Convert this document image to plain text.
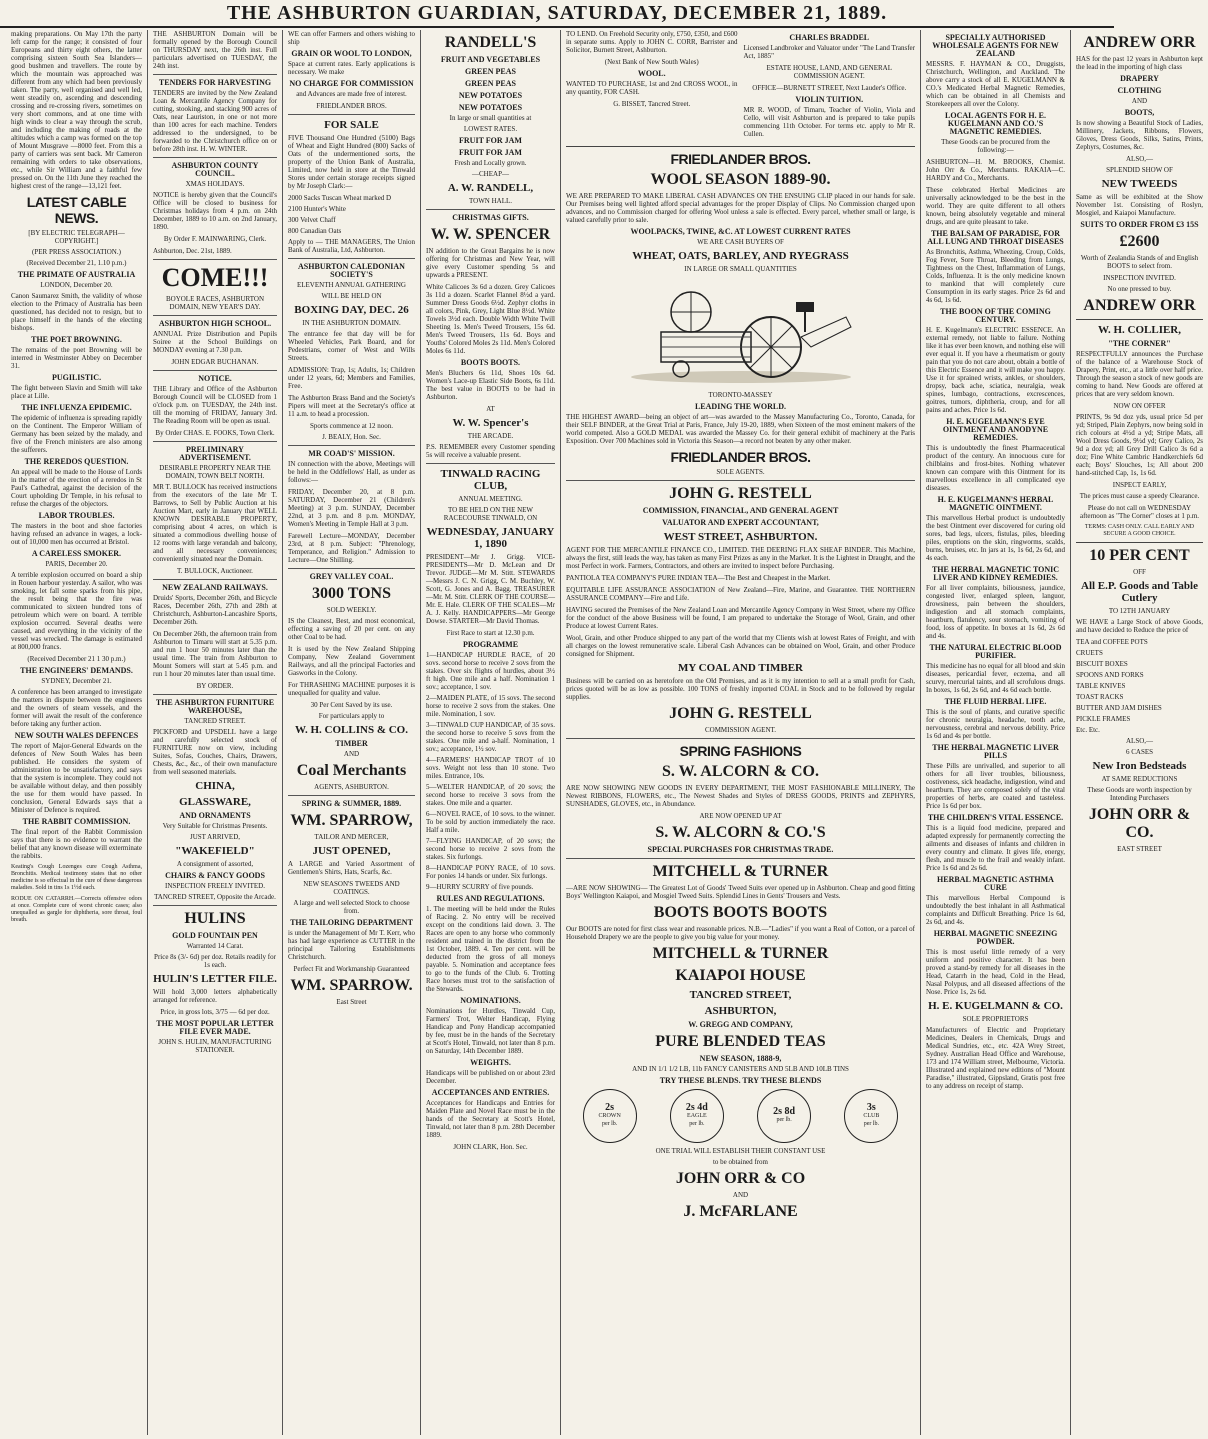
THE ASHBURTON GUARDIAN, SATURDAY, DECEMBER 21, 1889.

making preparations. On May 17th the party left camp for the range; it consisted of four Europeans and thirty eight others, the latter comprising sixteen South Sea Islanders—good bushmen and travellers. The route by which the mountain was approached was different from any which had been previously taken. The party, well organised and well led, went steadily on, ascending and descending crossing and re-crossing rivers, sometimes on very short commons, and at one time with high winds to clear a way through the scrub, and including the making of roads at the altitudes which a camp was formed on the top of Mount Musgrave —8000 feet. From this a party of carriers was sent back. Mr Cameron remaining with orders to take observations, etc., while Sir William and a faithful few pressed on. On the 11th June they reached the highest crest of the range—13,121 feet.

LATEST CABLE NEWS.
[BY ELECTRIC TELEGRAPH—COPYRIGHT.]
(PER PRESS ASSOCIATION.)
(Received December 21, 1.10 p.m.)
THE PRIMATE OF AUSTRALIA
LONDON, December 20.

Canon Saumarez Smith, the validity of whose election to the Primacy of Australia has been questioned, has decided not to resign, but to place himself in the hands of the electing bishops.

THE POET BROWNING.

The remains of the poet Browning will be interred in Westminster Abbey on December 31.

PUGILISTIC.

The fight between Slavin and Smith will take place at Lille.

THE INFLUENZA EPIDEMIC.

The epidemic of influenza is spreading rapidly on the Continent. The Emperor William of Germany has been seized by the malady, and five of the French ministers are also among the sufferers.

THE REREDOS QUESTION.

An appeal will be made to the House of Lords in the matter of the erection of a reredos in St Paul's Cathedral, against the decision of the Court upholding Dr Temple, in his refusal to refuse the charges of the objectors.

LABOR TROUBLES.

The masters in the boot and shoe factories having refused an advance in wages, a lock-out of 10,000 men has occurred at Bristol.

A CARELESS SMOKER.
PARIS, December 20.

A terrible explosion occurred on board a ship in Rouen harbour yesterday. A sailor, who was smoking, let fall some sparks from his pipe, the result being that the fire was communicated to sixteen hundred tons of petroleum which were on board. A terrible explosion occurred. Several deaths were caused, and everything in the vicinity of the vessel was wrecked. The damage is estimated at 800,000 francs.

(Received December 21 1 30 p.m.)
THE ENGINEERS' DEMANDS.
SYDNEY, December 21.

A conference has been arranged to investigate the matters in dispute between the engineers and the owners of steam vessels, and the former will await the result of the conference before taking any further action.

NEW SOUTH WALES DEFENCES

The report of Major-General Edwards on the defences of New South Wales has been published. He considers the system of administration to be unsatisfactory, and says that the system is incomplete. They could not be available without delay, and then possibly the use for them would have passed. In conclusion, General Edwards says that a Minister of Defence is required.

THE RABBIT COMMISSION.

The final report of the Rabbit Commission says that there is no evidence to warrant the belief that any known disease will exterminate the rabbits.

Keating's Cough Lozenges cure Cough Asthma, Bronchitis. Medical testimony states that no other medicine is so effectual in the cure of these dangerous maladies. Sold in tins 1s 1½d each.

RODUE ON CATARRH.—Corrects offensive odors at once. Complete cure of worst chronic cases; also unequalled as gargle for diphtheria, sore throat, foul breath.

THE ASHBURTON Domain will be formally opened by the Borough Council on THURSDAY next, the 26th inst. Full particulars advertised on TUESDAY, the 24th inst.

TENDERS FOR HARVESTING

TENDERS are invited by the New Zealand Loan & Mercantile Agency Company for cutting, stooking, and stacking 900 acres of Oats, near Lauriston, in one or not more than 100 acres for each machine. Tenders addressed to the undersigned, to be forwarded to the Christchurch office on or before 28th inst. H. W. WINTER.

ASHBURTON COUNTY COUNCIL.
XMAS HOLIDAYS.

NOTICE is hereby given that the Council's Office will be closed to business for Christmas holidays from 4 p.m. on 24th December, 1889 to 10 a.m. on 2nd January, 1890.

By Order F. MAINWARING, Clerk.

Ashburton, Dec. 21st, 1889.

COME!!!

BOYOLE RACES, ASHBURTON DOMAIN, NEW YEAR'S DAY.

ASHBURTON HIGH SCHOOL.

ANNUAL Prize Distribution and Pupils Soiree at the School Buildings on MONDAY evening at 7.30 p.m.

JOHN EDGAR BUCHANAN.

NOTICE.

THE Library and Office of the Ashburton Borough Council will be CLOSED from 1 o'clock p.m. on TUESDAY, the 24th inst. till the morning of FRIDAY, January 3rd. The Reading Room will be open as usual.

By Order CHAS. E. FOOKS, Town Clerk.

PRELIMINARY ADVERTISEMENT.
DESIRABLE PROPERTY NEAR THE DOMAIN, TOWN BELT NORTH.

MR T. BULLOCK has received instructions from the executors of the late Mr T. Barrows, to Sell by Public Auction at his Auction Mart, early in January that WELL KNOWN DESIRABLE PROPERTY, comprising about 4 acres, on which is situated a commodious dwelling house of 12 rooms with large verandah and balcony, and all necessary conveniences; conveniently situated near the Domain.

T. BULLOCK, Auctioneer.

NEW ZEALAND RAILWAYS.

Druids' Sports, December 26th, and Bicycle Races, December 26th, 27th and 28th at Christchurch, Ashburton-Lancashire Sports, December 26th.

On December 26th, the afternoon train from Ashburton to Timaru will start at 5.35 p.m. and run 1 hour 50 minutes later than the usual time. The train from Ashburton to Mount Somers will start at 5.45 p.m. and run 1 hour 20 minutes later than usual time.

BY ORDER.

THE ASHBURTON FURNITURE WAREHOUSE,
TANCRED STREET.

PICKFORD and UPSDELL have a large and carefully selected stock of FURNITURE now on view, including Suites, Sofas, Couches, Chairs, Drawers, Chests, &c., &c., of their own manufacture from well seasoned materials.

CHINA,
GLASSWARE,
AND ORNAMENTS
Very Suitable for Christmas Presents.
JUST ARRIVED,
"WAKEFIELD"
A consignment of assorted,
CHAIRS & FANCY GOODS
INSPECTION FREELY INVITED.

TANCRED STREET, Opposite the Arcade.

HULINS
GOLD FOUNTAIN PEN
Warranted 14 Carat.

Price 8s (3/- 6d) per doz. Retails readily for 1s each.

HULIN'S LETTER FILE.

Will hold 3,000 letters alphabetically arranged for reference.

Price, in gross lots, 3/75 — 6d per doz.

THE MOST POPULAR LETTER FILE EVER MADE.

JOHN S. HULIN, MANUFACTURING STATIONER.

WE can offer Farmers and others wishing to ship

GRAIN OR WOOL TO LONDON,

Space at current rates. Early applications is necessary. We make

NO CHARGE FOR COMMISSION

and Advances are made free of interest.

FRIEDLANDER BROS.
FOR SALE

FIVE Thousand One Hundred (5100) Bags of Wheat and Eight Hundred (800) Sacks of Oats of the undermentioned sorts, the property of the Union Bank of Australia, Limited, now held in store at the Tinwald Stores under certain storage receipts signed by Mr Joseph Clark:—

2000 Sacks Tuscan Wheat marked D
2100 Hunter's White
300 Velvet Chaff
800 Canadian Oats

Apply to — THE MANAGERS, The Union Bank of Australia, Ltd, Ashburton.

ASHBURTON CALEDONIAN SOCIETY'S
ELEVENTH ANNUAL GATHERING
WILL BE HELD ON
BOXING DAY, DEC. 26
IN THE ASHBURTON DOMAIN.

The entrance fee that day will be for Wheeled Vehicles, Park Board, and for Pedestrians, corner of West and Wills Streets.

ADMISSION: Trap, 1s; Adults, 1s; Children under 12 years, 6d; Members and Families, Free.

The Ashburton Brass Band and the Society's Pipers will meet at the Secretary's office at 11 a.m. to head a procession.

Sports commence at 12 noon.

J. BEALY, Hon. Sec.

MR COAD'S' MISSION.

IN connection with the above, Meetings will be held in the Oddfellows' Hall, as under as follows:—

FRIDAY, December 20, at 8 p.m. SATURDAY, December 21 (Children's Meeting) at 3 p.m. SUNDAY, December 22nd, at 3 p.m. and 8 p.m. MONDAY, Women's Meeting in Temple Hall at 3 p.m.

Farewell Lecture—MONDAY, December 23rd, at 8 p.m. Subject: "Phrenology, Temperance, and Religion." Admission to Lecture—One Shilling.

GREY VALLEY COAL.
3000 TONS
SOLD WEEKLY.

IS the Cleanest, Best, and most economical, effecting a saving of 20 per cent. on any other Coal to be had.

It is used by the New Zealand Shipping Company, New Zealand Government Railways, and all the principal Factories and Gasworks in the Colony.

For THRASHING MACHINE purposes it is unequalled for quality and value.

30 Per Cent Saved by its use.
For particulars apply to
W. H. COLLINS & CO.
TIMBER
AND
Coal Merchants
AGENTS, ASHBURTON.
SPRING & SUMMER, 1889.
WM. SPARROW,
TAILOR AND MERCER,
JUST OPENED,

A LARGE and Varied Assortment of Gentlemen's Shirts, Hats, Scarfs, &c.

NEW SEASON'S TWEEDS AND COATINGS.

A large and well selected Stock to choose from.

THE TAILORING DEPARTMENT

is under the Management of Mr T. Kerr, who has had large experience as CUTTER in the principal Tailoring Establishments Christchurch.

Perfect Fit and Workmanship Guaranteed
WM. SPARROW.
East Street
RANDELL'S
FRUIT AND VEGETABLES
GREEN PEAS
GREEN PEAS
NEW POTATOES
NEW POTATOES
In large or small quantities at
LOWEST RATES.
FRUIT FOR JAM
FRUIT FOR JAM
Fresh and Locally grown.
—CHEAP—
A. W. RANDELL,
TOWN HALL.
CHRISTMAS GIFTS.
W. W. SPENCER

IN addition to the Great Bargains he is now offering for Christmas and New Year, will give every Customer spending 5s and upwards a PRESENT.

White Calicoes 3s 6d a dozen. Grey Calicoes 3s 11d a dozen. Scarlet Flannel 8½d a yard. Summer Dress Goods 6½d. Zephyr cloths in all colors, Pink, Grey, Light Blue 8½d. White Towels 3½d each. Double Width White Twill Sheeting 1s. Men's Tweed Trousers, 15s 6d. Men's Tweed Trousers, 11s 6d. Boys and Youths' Colored Moles 2s 11d. Men's Colored Moles 6s 11d.

BOOTS BOOTS.

Men's Bluchers 6s 11d, Shoes 10s 6d. Women's Lace-up Elastic Side Boots, 6s 11d. The best value in BOOTS to be had in Ashburton.

AT
W. W. Spencer's
THE ARCADE.

P.S. REMEMBER every Customer spending 5s will receive a valuable present.

TINWALD RACING CLUB,
ANNUAL MEETING.
TO BE HELD ON THE NEW RACECOURSE TINWALD, ON
WEDNESDAY, JANUARY 1, 1890

PRESIDENT—Mr J. Grigg. VICE-PRESIDENTS—Mr D. McLean and Dr Trevor. JUDGE—Mr M. Stitt. STEWARDS—Messrs J. C. N. Grigg, C. M. Buchley, W. Scott, G. Jones and A. Bagg. TREASURER—Mr. M. Stitt. CLERK OF THE COURSE—Mr. E. Hale. CLERK OF THE SCALES—Mr A. J. Kelly. HANDICAPPERS—Mr George Dowse. STARTER—Mr David Thomas.

First Race to start at 12.30 p.m.
PROGRAMME
1—HANDICAP HURDLE RACE, of 20 sovs. second horse to receive 2 sovs from the stakes. Over six flights of hurdles, about 3½ ft high. One mile and a half. Nomination 1 sov.; acceptance, 1 sov.
2—MAIDEN PLATE, of 15 sovs. The second horse to receive 2 sovs from the stakes. One mile. Nomination, 1 sov.
3—TINWALD CUP HANDICAP, of 35 sovs. the second horse to receive 5 sovs from the stakes. One mile and a-half. Nomination, 1 sov.; acceptance, 1½ sov.
4—FARMERS' HANDICAP TROT of 10 sovs. Weight not less than 10 stone. Two miles. Entrance, 10s.
5—WELTER HANDICAP, of 20 sovs; the second horse to receive 3 sovs from the stakes. One mile and a quarter.
6—NOVEL RACE, of 10 sovs. to the winner. To be sold by auction immediately the race. Half a mile.
7—FLYING HANDICAP, of 20 sovs; the second horse to receive 2 sovs from the stakes. Six furlongs.
8—HANDICAP PONY RACE, of 10 sovs. For ponies 14 hands or under. Six furlongs.
9—HURRY SCURRY of five pounds.
RULES AND REGULATIONS.

1. The meeting will be held under the Rules of Racing. 2. No entry will be received except on the conditions laid down. 3. The Races are open to any horse who commonly resident and trained in the district from the 1st October, 1889. 4. Ten per cent. will be deducted from the gross of all moneys payable. 5. Nomination and acceptance fees to go to the funds of the Club. 6. Trotting Race horses must trot to the satisfaction of the Stewards.

NOMINATIONS.

Nominations for Hurdles, Tinwald Cup, Farmers' Trot, Welter Handicap, Flying Handicap and Pony Handicap accompanied by fee, must be in the hands of the Secretary at Scott's Hotel, Tinwald, not later than 8 p.m. on Saturday, 14th December 1889.

WEIGHTS.

Handicaps will be published on or about 23rd December.

ACCEPTANCES AND ENTRIES.

Acceptances for Handicaps and Entries for Maiden Plate and Novel Race must be in the hands of the Secretary at Scott's Hotel, Tinwald, not later than 8 p.m. 28th December 1889.

JOHN CLARK, Hon. Sec.

TO LEND. On Freehold Security only, £750, £350, and £600 in separate sums. Apply to JOHN C. CORR, Barrister and Solicitor, Burnett Street, Ashburton.

(Next Bank of New South Wales)

WOOL.

WANTED TO PURCHASE, 1st and 2nd CROSS WOOL, in any quantity, FOR CASH.

G. BISSET, Tancred Street.

CHARLES BRADDEL

Licensed Landbroker and Valuator under "The Land Transfer Act, 1885"

ESTATE HOUSE, LAND, AND GENERAL COMMISSION AGENT.

OFFICE—BURNETT STREET, Next Lauder's Office.

VIOLIN TUITION.

MR R. WOOD, of Timaru, Teacher of Violin, Viola and Cello, will visit Ashburton and is prepared to take pupils commencing 11th October. For terms etc. apply to Mr R. Cullen.

FRIEDLANDER BROS.
WOOL SEASON 1889-90.

WE ARE PREPARED TO MAKE LIBERAL CASH ADVANCES ON THE ENSUING CLIP placed in our hands for sale. Our Premises being well lighted afford special advantages for the proper Display of Clips. No Commission charged upon advances, and no Commission charged for offering Wool unless a sale is effected. Every parcel, whether small or large, is valued carefully prior to sale.

WOOLPACKS, TWINE, &C. AT LOWEST CURRENT RATES
WE ARE CASH BUYERS OF
WHEAT, OATS, BARLEY, AND RYEGRASS
IN LARGE OR SMALL QUANTITIES
TORONTO-MASSEY
LEADING THE WORLD.

THE HIGHEST AWARD—being an object of art—was awarded to the Massey Manufacturing Co., Toronto, Canada, for their SELF BINDER, at the Great Trial at Paris, France, July 19-20, 1889, when Sixteen of the most eminent makers of the world competed. Also a GOLD MEDAL was awarded the Massey Co. for their general exhibit of machinery at the Paris Exposition. Over 700 Machines sold in Victoria this Season—a record not beaten by any other maker.

FRIEDLANDER BROS.
SOLE AGENTS.
JOHN G. RESTELL
COMMISSION, FINANCIAL, AND GENERAL AGENT
VALUATOR AND EXPERT ACCOUNTANT,
WEST STREET, ASHBURTON.

AGENT FOR THE MERCANTILE FINANCE CO., LIMITED. THE DEERING FLAX SHEAF BINDER. This Machine, always the first, still leads the way, has taken as many First Prizes as any in the Market. It is the Lightest in Draught, and the most Perfect in work. Farmers, Contractors, and others are invited to inspect before Purchasing.

PANTIOLA TEA COMPANY'S PURE INDIAN TEA—The Best and Cheapest in the Market.

EQUITABLE LIFE ASSURANCE ASSOCIATION of New Zealand—Fire, Marine, and Guarantee. THE NORTHERN ASSURANCE COMPANY—Fire and Life.

HAVING secured the Premises of the New Zealand Loan and Mercantile Agency Company in West Street, where my Office for the conduct of the above Business will be found, I am prepared to undertake the Storage of Wool, Grain, and other Produce at lowest Current Rates.

Wool, Grain, and other Produce shipped to any part of the world that my Clients wish at lowest Rates of Freight, and with all charges on the lowest remunerative scale. Liberal Cash Advances can be obtained on Wool, Grain, and other Produce consigned for Shipment.

MY COAL AND TIMBER

Business will be carried on as heretofore on the Old Premises, and as it is my intention to sell at a small profit for Cash, prices quoted will be as low as possible. 100 TONS of freshly imported COAL in Stock and to be followed by regular supplies.

JOHN G. RESTELL
COMMISSION AGENT.
SPRING FASHIONS
S. W. ALCORN & CO.

ARE NOW SHOWING NEW GOODS IN EVERY DEPARTMENT, THE MOST FASHIONABLE MILLINERY, The Newest RIBBONS, FLOWERS, etc., The Newest Shades and Styles of DRESS GOODS, PRINTS and ZEPHYRS, SUNSHADES, GLOVES, etc., in Abundance.

ARE NOW OPENED UP AT
S. W. ALCORN & CO.'S
SPECIAL PURCHASES FOR CHRISTMAS TRADE.
MITCHELL & TURNER

—ARE NOW SHOWING— The Greatest Lot of Goods' Tweed Suits ever opened up in Ashburton. Cheap and good fitting Boys' Wellington Kaiapoi, and Mosgiel Tweed Suits. Splendid Lines in Gents' Trousers and Vests.

BOOTS BOOTS BOOTS

Our BOOTS are noted for first class wear and reasonable prices. N.B.—"Ladies" if you want a Real of Cotton, or a parcel of Household Drapery we are the people to give you big value for your money.

MITCHELL & TURNER
KAIAPOI HOUSE
TANCRED STREET,
ASHBURTON,
W. GREGG AND COMPANY,
PURE BLENDED TEAS
NEW SEASON, 1888-9,
AND IN 1/1 1/2 LB, 11b FANCY CANISTERS AND 5LB AND 10LB TINS
TRY THESE BLENDS. TRY THESE BLENDS
2s
CROWN
per lb.
2s 4d
EAGLE
per lb.
2s 8d
per lb.
3s
CLUB
per lb.
ONE TRIAL WILL ESTABLISH THEIR CONSTANT USE
to be obtained from
JOHN ORR & CO
AND
J. McFARLANE
SPECIALLY AUTHORISED WHOLESALE AGENTS FOR NEW ZEALAND

MESSRS. F. HAYMAN & CO., Druggists, Christchurch, Wellington, and Auckland. The above carry a stock of all E. KUGELMANN & CO.'s Medicated Herbal Magnetic Remedies, which can be obtained in all Chemists and Storekeepers all over the Colony.

LOCAL AGENTS FOR H. E. KUGELMANN AND CO.'S MAGNETIC REMEDIES.

These Goods can be procured from the following:—

ASHBURTON—H. M. BROOKS, Chemist. John Orr & Co., Merchants. RAKAIA—C. HARDY and Co., Merchants.

These celebrated Herbal Medicines are universally acknowledged to be the best in the world. They are quite different to all others known, being absolutely vegetable and mineral drugs, and are quite pleasant to take.

THE BALSAM OF PARADISE, FOR ALL LUNG AND THROAT DISEASES

As Bronchitis, Asthma, Wheezing, Croup, Colds, Fog Fever, Sore Throat, Bleeding from Lungs, Tightness on the Chest, Inflammation of Lungs, Colds, Influenza. It is the only medicine known to mankind that will completely cure Consumption in its early stages. Price 2s 6d and 4s 6d, 1s 6d.

THE BOON OF THE COMING CENTURY.

H. E. Kugelmann's ELECTRIC ESSENCE. An external remedy, not liable to failure. Nothing like it has ever been known, and nothing else will ever equal it. If you have a rheumatism or gouty pain that you do not care about, obtain a bottle of this Electric Essence and it will make you happy. Use it for sprained wrists, ankles, or shoulders, dropsy, back ache, sciatica, neuralgia, weak spines, lumbago, contractions, excrescences, goitres, tumors, diphtheria, croup, and for all pains and aches. Price 1s 6d.

H. E. KUGELMANN'S EYE OINTMENT AND ANODYNE REMEDIES.

This is undoubtedly the finest Pharmaceutical product of the century. An innocuous cure for chilblains and frost-bites. Nothing whatever known can compare with this Ointment for its marvellous excellence in all complicated eye diseases.

H. E. KUGELMANN'S HERBAL MAGNETIC OINTMENT.

This marvellous Herbal product is undoubtedly the best Ointment ever discovered for curing old sores, bad legs, ulcers, fistulas, piles, bleeding piles, eruptions on the skin, ringworms, scalds, burns, bruises, etc. In jars at 1s, 1s 6d, 2s 6d, and 4s each.

THE HERBAL MAGNETIC TONIC LIVER AND KIDNEY REMEDIES.

For all liver complaints, biliousness, jaundice, congested liver, enlarged spleen, languor, drowsiness, pain between the shoulders, indigestion and all stomach complaints, heartburn, flatulency, sour stomach, vomiting of food, loss of appetite. In boxes at 1s 6d, 2s 6d and 4s.

THE NATURAL ELECTRIC BLOOD PURIFIER.

This medicine has no equal for all blood and skin diseases, pericardial fever, eczema, and all scurvy, mercurial taints, and all scrofulous drugs. In boxes, 1s 6d, 2s 6d, and 4s 6d each bottle.

THE FLUID HERBAL LIFE.

This is the soul of plants, and curative specific for chronic neuralgia, headache, tooth ache, nervousness, cerebral and nervous debility. Price 1s 6d and 4s per bottle.

THE HERBAL MAGNETIC LIVER PILLS

These Pills are unrivalled, and superior to all others for all liver troubles, biliousness, costiveness, sick headache, indigestion, wind and heartburn. They are composed solely of the vital properties of herbs, are coated and tasteless. Price 1s 6d per box.

THE CHILDREN'S VITAL ESSENCE.

This is a liquid food medicine, prepared and adapted expressly for permanently correcting the ailments and diseases of infants and children in every country and climate. It gives life, energy, flesh, and muscle to the frail and weakly infant. Price 1s 6d and 2s 6d.

HERBAL MAGNETIC ASTHMA CURE

This marvellous Herbal Compound is undoubtedly the best inhalant in all Asthmatical complaints and Difficult Breathing. Price 1s 6d, 2s 6d, and 4s.

HERBAL MAGNETIC SNEEZING POWDER.

This is most useful little remedy of a very uniform and positive character. It has been proved a stand-by remedy for all diseases in the Head, Catarrh in the head, Cold in the Head, Nasal Polypus, and all diseased affections of the Nose. Price 1s, 2s 6d.

H. E. KUGELMANN & CO.
SOLE PROPRIETORS

Manufacturers of Electric and Proprietary Medicines, Dealers in Chemicals, Drugs and Medical Sundries, etc., etc. 42A Wrey Street, Sydney. Australian Head Office and Warehouse, 173 and 174 William street, Melbourne, Victoria. Illustrated and explained new editions of "Mount Paradise," illustrated, Gippsland, Gratis post free to any address on receipt of stamp.

ANDREW ORR

HAS for the past 12 years in Ashburton kept the lead in the importing of high class

DRAPERY
CLOTHING
AND
BOOTS,

Is now showing a Beautiful Stock of Ladies, Millinery, Jackets, Ribbons, Flowers, Gloves, Dress Goods, Silks, Satins, Prints, Zephyrs, Costumes, &c.

ALSO,—
SPLENDID SHOW OF
NEW TWEEDS

Same as will be exhibited at the Show November 1st. Consisting of Roslyn, Mosgiel, and Kaiapoi Manufacture.

SUITS TO ORDER FROM £3 15S
£2600

Worth of Zealandia Stands of and English BOOTS to select from.

INSPECTION INVITED.
No one pressed to buy.
ANDREW ORR
W. H. COLLIER,
"THE CORNER"

RESPECTFULLY announces the Purchase of the balance of a Warehouse Stock of Drapery, Print, etc., at a little over half price. Through the season a stock of new goods are coming to hand. New Goods are offered at prices that are very seldom known.

NOW ON OFFER

PRINTS, 9s 9d doz yds, usual price 5d per yd; Striped, Plain Zephyrs, now being sold in rich colours at 4½d a yd; Stripe Mats, all Wool Dress Goods, 9½d yd; Grey Calico, 2s 9d a doz yd; all Grey Drill Calico 3s 6d a doz; Fine White Cambric Handkerchiefs 6d each; Boys' Slouches, 1s; All about 200 hand-stitched Cap, 1s, 1s 6d.

INSPECT EARLY,

The prices must cause a speedy Clearance.

Please do not call on WEDNESDAY afternoon as "The Corner" closes at 1 p.m.

TERMS: CASH ONLY. CALL EARLY AND SECURE A GOOD CHOICE.

10 PER CENT
OFF
All E.P. Goods and Table Cutlery
TO 12TH JANUARY

WE HAVE a Large Stock of above Goods, and have decided to Reduce the price of

TEA and COFFEE POTS
CRUETS
BISCUIT BOXES
SPOONS AND FORKS
TABLE KNIVES
TOAST RACKS
BUTTER AND JAM DISHES
PICKLE FRAMES
Etc. Etc.
ALSO,—
6 CASES
New Iron Bedsteads
AT SAME REDUCTIONS

These Goods are worth inspection by Intending Purchasers

JOHN ORR & CO.
EAST STREET
